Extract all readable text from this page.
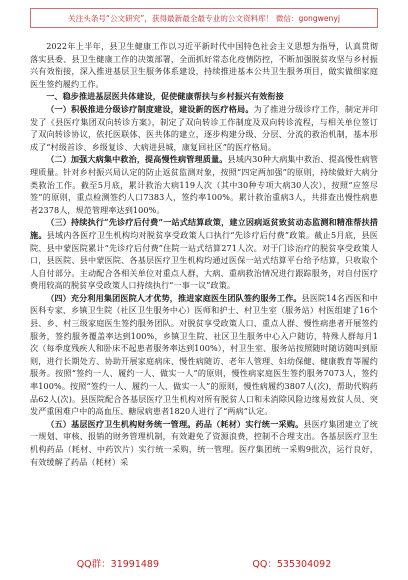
关注头条号“公文研究”，获得最新最全最专业的公文资料库！ 微信：gongwenyj

2022年上半年，县卫生健康工作以习近平新时代中国特色社会主义思想为指导，认真贯彻落实县委、县卫生健康工作的决策部署，全面抓好常态化疫情防控，不断加强脱贫攻坚与乡村振兴有效衔接，深入推进基层卫生服务体系建设，持续推进基本公共卫生服务项目，做实做细家庭医生签约履约工作。

一、稳步推进基层医共体建设，促使健康帮扶与乡村振兴有效衔接

（一）积极推进分级诊疗制度建设，建设新的医疗格局。为了推进分级诊疗工作，制定并印发了《县医疗集团双向转诊方案》，制定了双向转诊工作制度及双向转诊流程，与相关单位签订了双向转诊协议，依托医联体、医共体的建立，逐步构建分级、分层、分流的救治机制，基本形成了“村级首诊、乡级复诊、大病进县城，康复回社区”的医疗格局。

（二）加强大病集中救治，提高慢性病管理质量。县域内30种大病集中救治、提高慢性病管理质量。针对乡村振兴局认定的防止返贫监测对象，按照“四定两加强”的原则，持续做好大病分类救治工作。截至5月底，累计救治大病119人次（其中30种专项大病30人次），按照“应签尽签”的原则，重点检测签约人口7383人，签约率100%。累计救治重病3人，共排查出慢性病患者2378人，规范管理率达到100%。

（三）持续执行“先诊疗后付费”一站式结算政策，建立因病返贫致贫动态监测和精准帮扶措施。县域内各医疗卫生机构均对脱贫享受政策人口执行“先诊疗后付费”政策。截止5月底，县医院、县中蒙医院累计“先诊疗后付费”住院一站式结算271人次。对于门诊治疗的脱贫享受政策人口，县医院、县中蒙医院、各基层医疗卫生机构均通过医保一站式结算平台给予结算，只收取个人自付部分。主动配合各相关单位对重点人群，大病、重病救治情况进行跟踪服务，对自付医疗费用较高的脱贫享受政策人口持续执行“一事一议”政策。

（四）充分利用集团医院人才优势，推进家庭医生团队签约服务工作。县医院14名西医和中医科专家、乡镇卫生院（社区卫生服务中心）医师和护士、村卫生室（服务站）村医组建了16个县、乡、村三级家庭医生签约服务团队。对脱贫享受政策人口、重点人群、慢性病患者开展签约服务，签约服务覆盖率达到100%，乡镇卫生院、社区卫生服务中心入户随访，特殊人群每月1次（每季度残疾人和卧床不起患者服务率达到100%），村卫生室、服务站按照随时随访随叫到原则，进行长期处方、协助开展家庭病床、慢性病随访、老年人管理、妇幼保健、健康教育等履约服务。按照“签约一人、履约一人、做实一人”的原则，慢性病家庭医生签约服务7073人，签约率100%。按照“签约一人、履约一人、做实一人”的原则，慢性病履约3807人(次)，帮助代购药品62人(次)。县医院配合各基层医疗卫生机构对所有脱贫人口和未消除风险边缘易致贫人员、突发严重困难户中的高血压、糖尿病患者1820人进行了“两病”认定。

（五）基层医疗卫生机构财务统一管理。药品（耗材）实行统一采购。县医疗集团建立了统一规划、审核、报销的财务管理机制，有效避免了资源浪费，控制不合理支出。各基层医疗卫生机构药品（耗材、中药饮片）实行统一采购，统一管理。医疗集团统一采购9批次，运行良好，有效缓解了药品（耗材）采

QQ群：31991489	QQ：535304092
